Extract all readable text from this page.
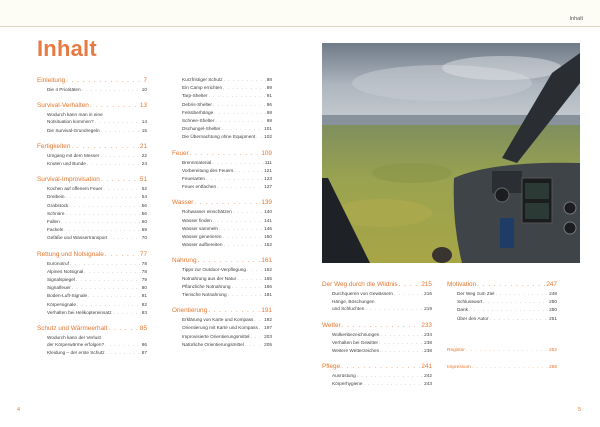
Inhalt
Inhalt
Einleitung . . .	7
Die 4 Prioritäten . . .	10
Survival-Verhalten . . .	13
Wodurch kann man in eine
Notsituation kommen? . . .	14
Die Survival-Grundregeln . . .	15
Fertigkeiten . . .	21
Umgang mit dem Messer . . .	22
Knoten und Bunde . . .	24
Survival-Improvisation . . .	51
Kochen auf offenem Feuer . . .	52
Dreibein . . .	54
Grabstock . . .	56
Schnüre . . .	56
Fallen . . .	60
Fackeln . . .	69
Gefäße und Wassertransport . . .	70
Rettung und Notsignale . . .	77
Euronotruf . . .	78
Alpines Notsignal . . .	78
Signalspiegel . . .	79
Signalfeuer . . .	80
Boden-Luft-Signale . . .	81
Körpersignale . . .	82
Verhalten bei Helikoptereinsatz . . .	83
Schutz und Wärmeerhalt . . .	85
Wodurch kann der Verlust
der Körperwärme erfolgen? . . .	86
Kleidung – der erste Schutz . . .	87
Kurzfristiger Schutz . . .	88
Ein Camp errichten . . .	89
Tarp-Shelter . . .	91
Debris-Shelter . . .	96
Felsüberhänge . . .	98
Schnee-Shelter . . .	98
Dschungel-Shelter . . .	101
Die Übernachtung ohne Equipment . . . 102
Feuer . . .	109
Brennmaterial . . .	111
Vorbereitung des Feuers . . .	121
Feuerarten . . .	123
Feuer entfachen . . .	127
Wasser . . .	139
Rohwasser einschätzen . . .	140
Wasser finden . . .	141
Wasser sammeln . . .	146
Wasser generieren . . .	150
Wasser aufbereiten . . .	152
Nahrung . . .	161
Tipps zur Outdoor-Verpflegung . . .	162
Notnahrung aus der Natur . . .	165
Pflanzliche Notnahrung . . .	166
Tierische Notnahrung . . .	181
Orientierung . . .	191
Erklärung von Karte und Kompass . . . 192
Orientierung mit Karte und Kompass . . . 197
Improvisierte Orientierungsmittel . . .	203
Natürliche Orientierungsmittel . . .	205
Der Weg durch die Wildnis . . .	215
Durchqueren von Gewässern . . .	216
Hänge, Böschungen
und Schluchten . . .	219
Wetter . . .	233
Wolkenbezeichnungen . . .	234
Verhalten bei Gewitter . . .	238
Weitere Wetterzeichen . . .	238
Pflege . . .	241
Ausrüstung . . .	242
Körperhygiene . . .	243
Motivation . . .	247
Der Weg zum Ziel . . .	248
Schlusswort . . .	250
Dank . . .	250
Über den Autor . . .	251
Register . . .	252
Impressum . . .	256
4	5
